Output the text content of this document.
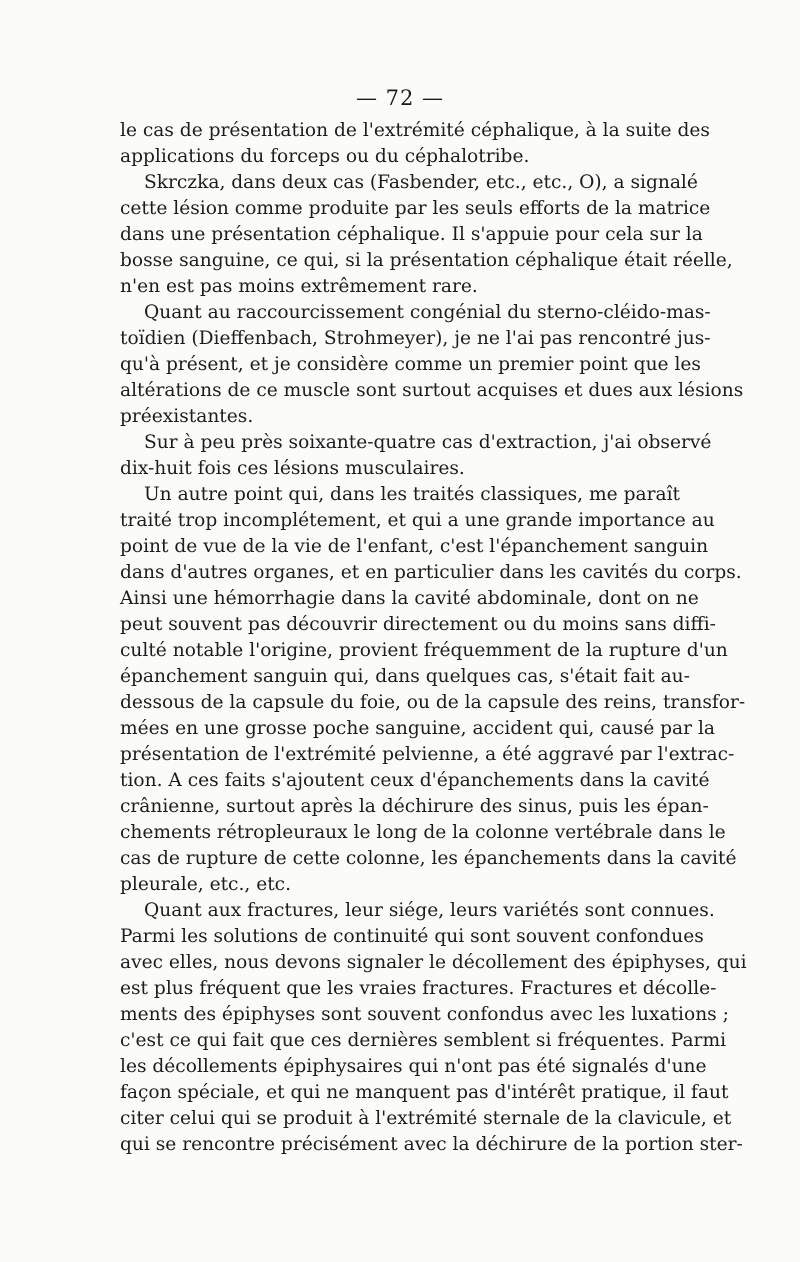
— 72 —
le cas de présentation de l'extrémité céphalique, à la suite des
applications du forceps ou du céphalotribe.
Skrczka, dans deux cas (Fasbender, etc., etc., O), a signalé
cette lésion comme produite par les seuls efforts de la matrice
dans une présentation céphalique. Il s'appuie pour cela sur la
bosse sanguine, ce qui, si la présentation céphalique était réelle,
n'en est pas moins extrêmement rare.
Quant au raccourcissement congénial du sterno-cléido-mas-
toïdien (Dieffenbach, Strohmeyer), je ne l'ai pas rencontré jus-
qu'à présent, et je considère comme un premier point que les
altérations de ce muscle sont surtout acquises et dues aux lésions
préexistantes.
Sur à peu près soixante-quatre cas d'extraction, j'ai observé
dix-huit fois ces lésions musculaires.
Un autre point qui, dans les traités classiques, me paraît
traité trop incomplétement, et qui a une grande importance au
point de vue de la vie de l'enfant, c'est l'épanchement sanguin
dans d'autres organes, et en particulier dans les cavités du corps.
Ainsi une hémorrhagie dans la cavité abdominale, dont on ne
peut souvent pas découvrir directement ou du moins sans diffi-
culté notable l'origine, provient fréquemment de la rupture d'un
épanchement sanguin qui, dans quelques cas, s'était fait au-
dessous de la capsule du foie, ou de la capsule des reins, transfor-
mées en une grosse poche sanguine, accident qui, causé par la
présentation de l'extrémité pelvienne, a été aggravé par l'extrac-
tion. A ces faits s'ajoutent ceux d'épanchements dans la cavité
crânienne, surtout après la déchirure des sinus, puis les épan-
chements rétropleuraux le long de la colonne vertébrale dans le
cas de rupture de cette colonne, les épanchements dans la cavité
pleurale, etc., etc.
Quant aux fractures, leur siége, leurs variétés sont connues.
Parmi les solutions de continuité qui sont souvent confondues
avec elles, nous devons signaler le décollement des épiphyses, qui
est plus fréquent que les vraies fractures. Fractures et décolle-
ments des épiphyses sont souvent confondus avec les luxations ;
c'est ce qui fait que ces dernières semblent si fréquentes. Parmi
les décollements épiphysaires qui n'ont pas été signalés d'une
façon spéciale, et qui ne manquent pas d'intérêt pratique, il faut
citer celui qui se produit à l'extrémité sternale de la clavicule, et
qui se rencontre précisément avec la déchirure de la portion ster-
